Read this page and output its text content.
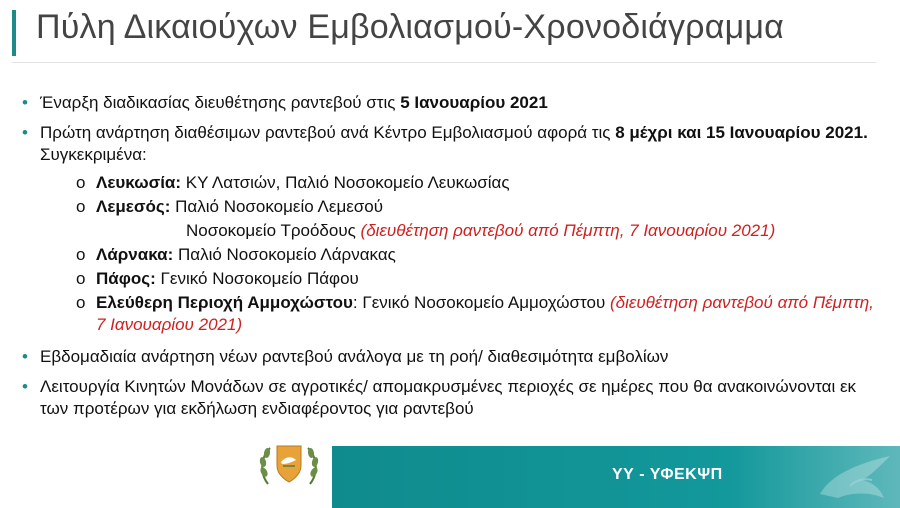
Πύλη Δικαιούχων Εμβολιασμού-Χρονοδιάγραμμα
• Έναρξη διαδικασίας διευθέτησης ραντεβού στις 5 Ιανουαρίου 2021
• Πρώτη ανάρτηση διαθέσιμων ραντεβού ανά Κέντρο Εμβολιασμού αφορά τις 8 μέχρι και 15 Ιανουαρίου 2021. Συγκεκριμένα:
o Λευκωσία: ΚΥ Λατσιών, Παλιό Νοσοκομείο Λευκωσίας
o Λεμεσός: Παλιό Νοσοκομείο Λεμεσού
Νοσοκομείο Τροόδους (διευθέτηση ραντεβού από Πέμπτη, 7 Ιανουαρίου 2021)
o Λάρνακα: Παλιό Νοσοκομείο Λάρνακας
o Πάφος: Γενικό Νοσοκομείο Πάφου
o Ελεύθερη Περιοχή Αμμοχώστου: Γενικό Νοσοκομείο Αμμοχώστου (διευθέτηση ραντεβού από Πέμπτη, 7 Ιανουαρίου 2021)
• Εβδομαδιαία ανάρτηση νέων ραντεβού ανάλογα με τη ροή/ διαθεσιμότητα εμβολίων
• Λειτουργία Κινητών Μονάδων σε αγροτικές/ απομακρυσμένες περιοχές σε ημέρες που θα ανακοινώνονται εκ των προτέρων για εκδήλωση ενδιαφέροντος για ραντεβού
ΥΥ - ΥΦΕΚΨΠ
